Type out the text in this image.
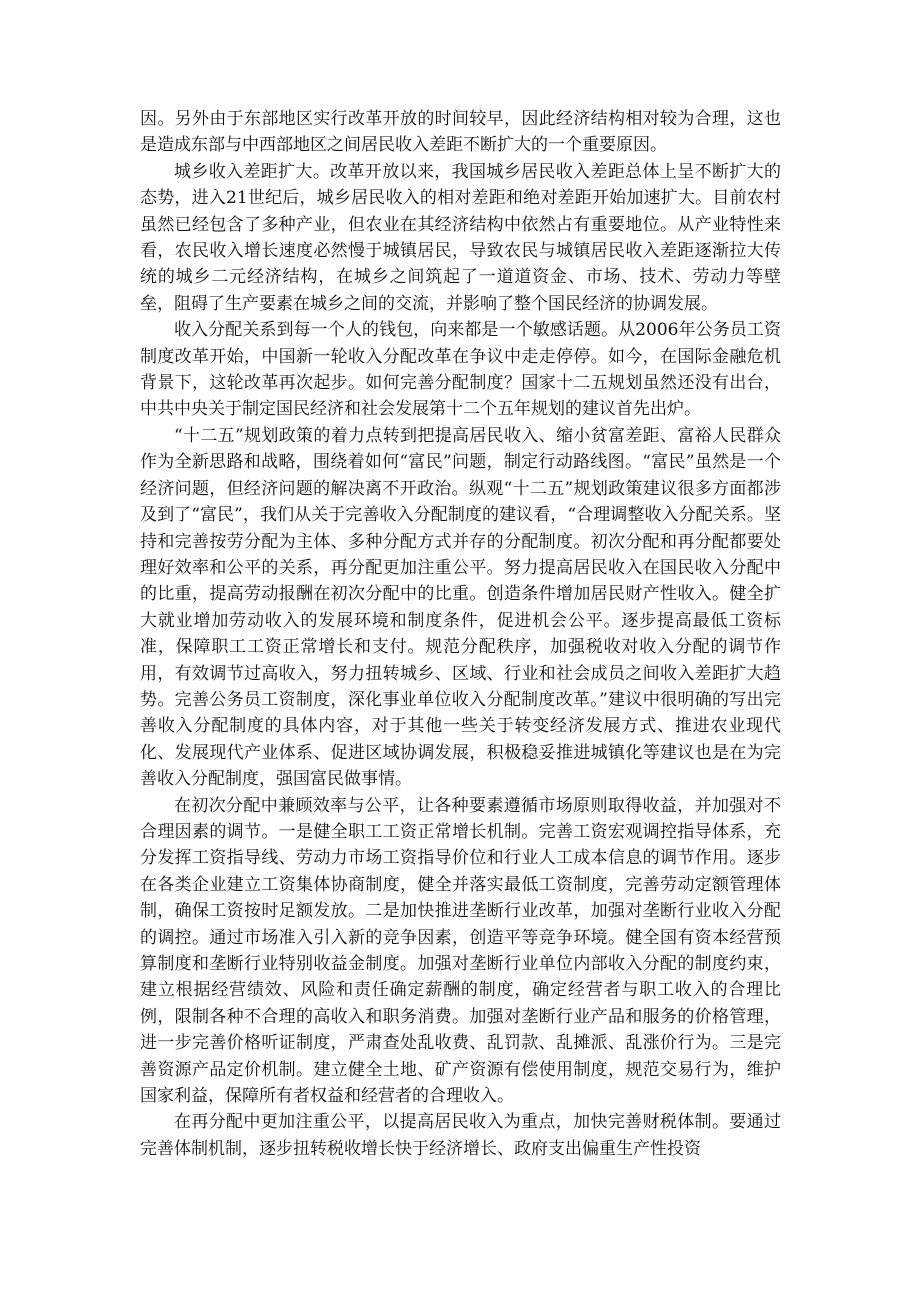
因。另外由于东部地区实行改革开放的时间较早，因此经济结构相对较为合理，这也是造成东部与中西部地区之间居民收入差距不断扩大的一个重要原因。

城乡收入差距扩大。改革开放以来，我国城乡居民收入差距总体上呈不断扩大的态势，进入21世纪后，城乡居民收入的相对差距和绝对差距开始加速扩大。目前农村虽然已经包含了多种产业，但农业在其经济结构中依然占有重要地位。从产业特性来看，农民收入增长速度必然慢于城镇居民，导致农民与城镇居民收入差距逐渐拉大传统的城乡二元经济结构，在城乡之间筑起了一道道资金、市场、技术、劳动力等壁垒，阻碍了生产要素在城乡之间的交流，并影响了整个国民经济的协调发展。

收入分配关系到每一个人的钱包，向来都是一个敏感话题。从2006年公务员工资制度改革开始，中国新一轮收入分配改革在争议中走走停停。如今，在国际金融危机背景下，这轮改革再次起步。如何完善分配制度？国家十二五规划虽然还没有出台，中共中央关于制定国民经济和社会发展第十二个五年规划的建议首先出炉。

“十二五”规划政策的着力点转到把提高居民收入、缩小贫富差距、富裕人民群众作为全新思路和战略，围绕着如何“富民”问题，制定行动路线图。“富民”虽然是一个经济问题，但经济问题的解决离不开政治。纵观“十二五”规划政策建议很多方面都涉及到了“富民”，我们从关于完善收入分配制度的建议看，“合理调整收入分配关系。坚持和完善按劳分配为主体、多种分配方式并存的分配制度。初次分配和再分配都要处理好效率和公平的关系，再分配更加注重公平。努力提高居民收入在国民收入分配中的比重，提高劳动报酬在初次分配中的比重。创造条件增加居民财产性收入。健全扩大就业增加劳动收入的发展环境和制度条件，促进机会公平。逐步提高最低工资标准，保障职工工资正常增长和支付。规范分配秩序，加强税收对收入分配的调节作用，有效调节过高收入，努力扭转城乡、区域、行业和社会成员之间收入差距扩大趋势。完善公务员工资制度，深化事业单位收入分配制度改革。”建议中很明确的写出完善收入分配制度的具体内容，对于其他一些关于转变经济发展方式、推进农业现代化、发展现代产业体系、促进区域协调发展，积极稳妥推进城镇化等建议也是在为完善收入分配制度，强国富民做事情。

在初次分配中兼顾效率与公平，让各种要素遵循市场原则取得收益，并加强对不合理因素的调节。一是健全职工工资正常增长机制。完善工资宏观调控指导体系，充分发挥工资指导线、劳动力市场工资指导价位和行业人工成本信息的调节作用。逐步在各类企业建立工资集体协商制度，健全并落实最低工资制度，完善劳动定额管理体制，确保工资按时足额发放。二是加快推进垄断行业改革，加强对垄断行业收入分配的调控。通过市场准入引入新的竞争因素，创造平等竞争环境。健全国有资本经营预算制度和垄断行业特别收益金制度。加强对垄断行业单位内部收入分配的制度约束，建立根据经营绩效、风险和责任确定薪酬的制度，确定经营者与职工收入的合理比例，限制各种不合理的高收入和职务消费。加强对垄断行业产品和服务的价格管理，进一步完善价格听证制度，严肃查处乱收费、乱罚款、乱摊派、乱涨价行为。三是完善资源产品定价机制。建立健全土地、矿产资源有偿使用制度，规范交易行为，维护国家利益，保障所有者权益和经营者的合理收入。

在再分配中更加注重公平，以提高居民收入为重点，加快完善财税体制。要通过完善体制机制，逐步扭转税收增长快于经济增长、政府支出偏重生产性投资
